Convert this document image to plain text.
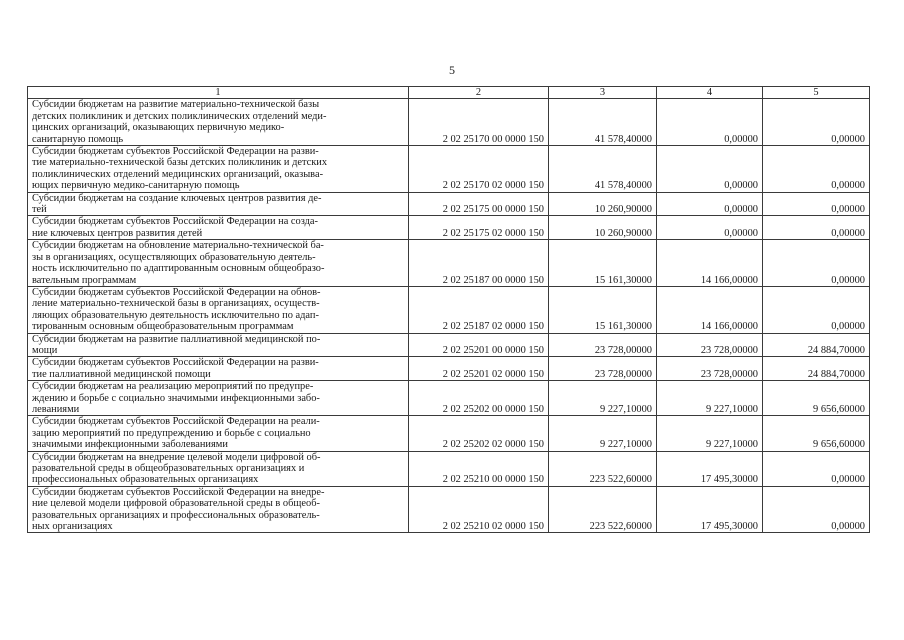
5
1	2	3	4	5

Субсидии бюджетам на развитие материально-технической базы
детских поликлиник и детских поликлинических отделений меди-
цинских организаций, оказывающих первичную медико-
санитарную помощь	2 02 25170 00 0000 150	41 578,40000	0,00000	0,00000

Субсидии бюджетам субъектов Российской Федерации на разви-
тие материально-технической базы детских поликлиник и детских
поликлинических отделений медицинских организаций, оказыва-
ющих первичную медико-санитарную помощь	2 02 25170 02 0000 150	41 578,40000	0,00000	0,00000

Субсидии бюджетам на создание ключевых центров развития де-
тей	2 02 25175 00 0000 150	10 260,90000	0,00000	0,00000

Субсидии бюджетам субъектов Российской Федерации на созда-
ние ключевых центров развития детей	2 02 25175 02 0000 150	10 260,90000	0,00000	0,00000

Субсидии бюджетам на обновление материально-технической ба-
зы в организациях, осуществляющих образовательную деятель-
ность исключительно по адаптированным основным общеобразо-
вательным программам	2 02 25187 00 0000 150	15 161,30000	14 166,00000	0,00000

Субсидии бюджетам субъектов Российской Федерации на обнов-
ление материально-технической базы в организациях, осуществ-
ляющих образовательную деятельность исключительно по адап-
тированным основным общеобразовательным программам	2 02 25187 02 0000 150	15 161,30000	14 166,00000	0,00000

Субсидии бюджетам на развитие паллиативной медицинской по-
мощи	2 02 25201 00 0000 150	23 728,00000	23 728,00000	24 884,70000

Субсидии бюджетам субъектов Российской Федерации на разви-
тие паллиативной медицинской помощи	2 02 25201 02 0000 150	23 728,00000	23 728,00000	24 884,70000

Субсидии бюджетам на реализацию мероприятий по предупре-
ждению и борьбе с социально значимыми инфекционными забо-
леваниями	2 02 25202 00 0000 150	9 227,10000	9 227,10000	9 656,60000

Субсидии бюджетам субъектов Российской Федерации на реали-
зацию мероприятий по предупреждению и борьбе с социально
значимыми инфекционными заболеваниями	2 02 25202 02 0000 150	9 227,10000	9 227,10000	9 656,60000

Субсидии бюджетам на внедрение целевой модели цифровой об-
разовательной среды в общеобразовательных организациях и
профессиональных образовательных организациях	2 02 25210 00 0000 150	223 522,60000	17 495,30000	0,00000

Субсидии бюджетам субъектов Российской Федерации на внедре-
ние целевой модели цифровой образовательной среды в общеоб-
разовательных организациях и профессиональных образователь-
ных организациях	2 02 25210 02 0000 150	223 522,60000	17 495,30000	0,00000
